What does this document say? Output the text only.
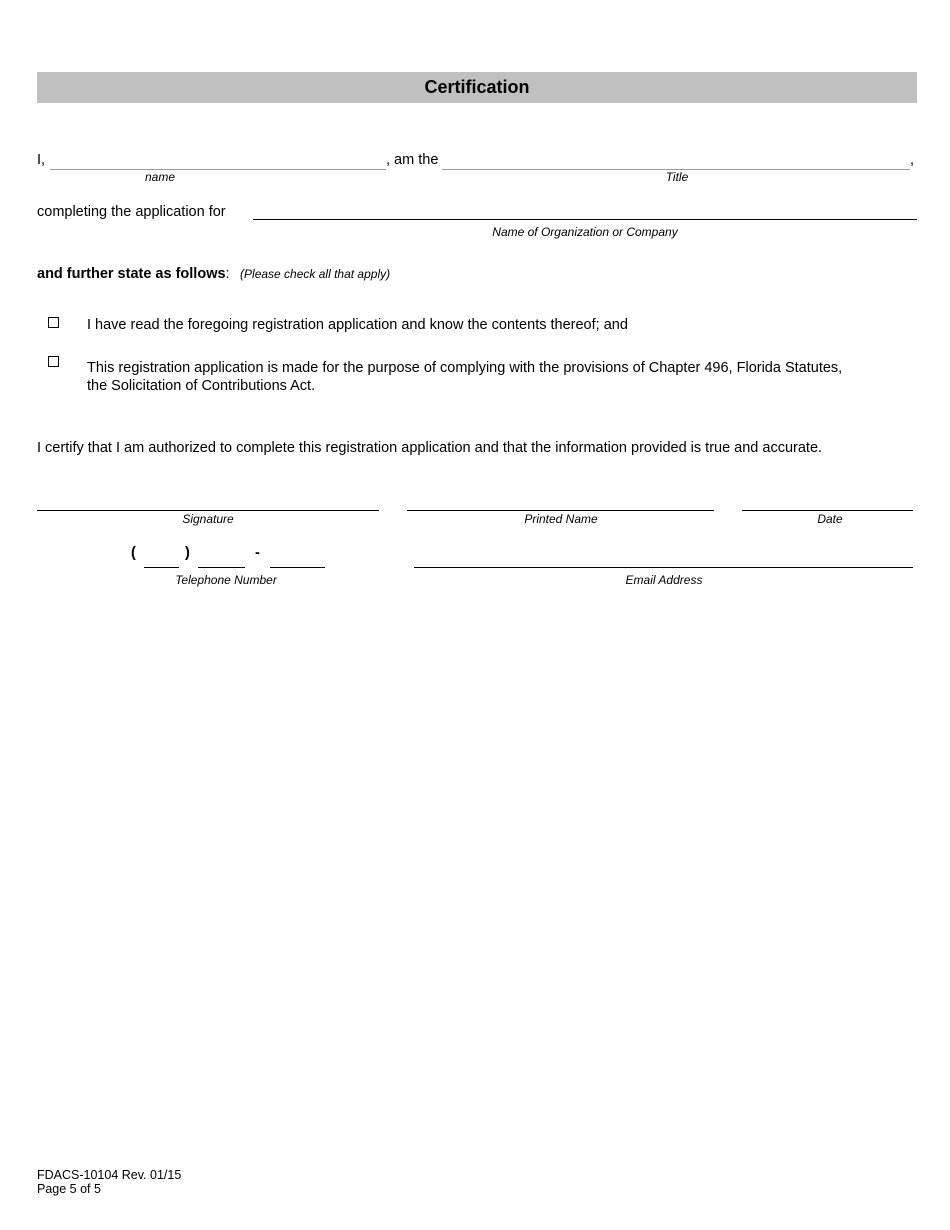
Certification
I,	, am the	,
name	Title
completing the application for
Name of Organization or Company
and further state as follows: (Please check all that apply)
I have read the foregoing registration application and know the contents thereof; and
This registration application is made for the purpose of complying with the provisions of Chapter 496, Florida Statutes,
the Solicitation of Contributions Act.
I certify that I am authorized to complete this registration application and that the information provided is true and accurate.
Signature	Printed Name	Date
(	)	-
Telephone Number	Email Address
FDACS-10104 Rev. 01/15
Page 5 of 5
